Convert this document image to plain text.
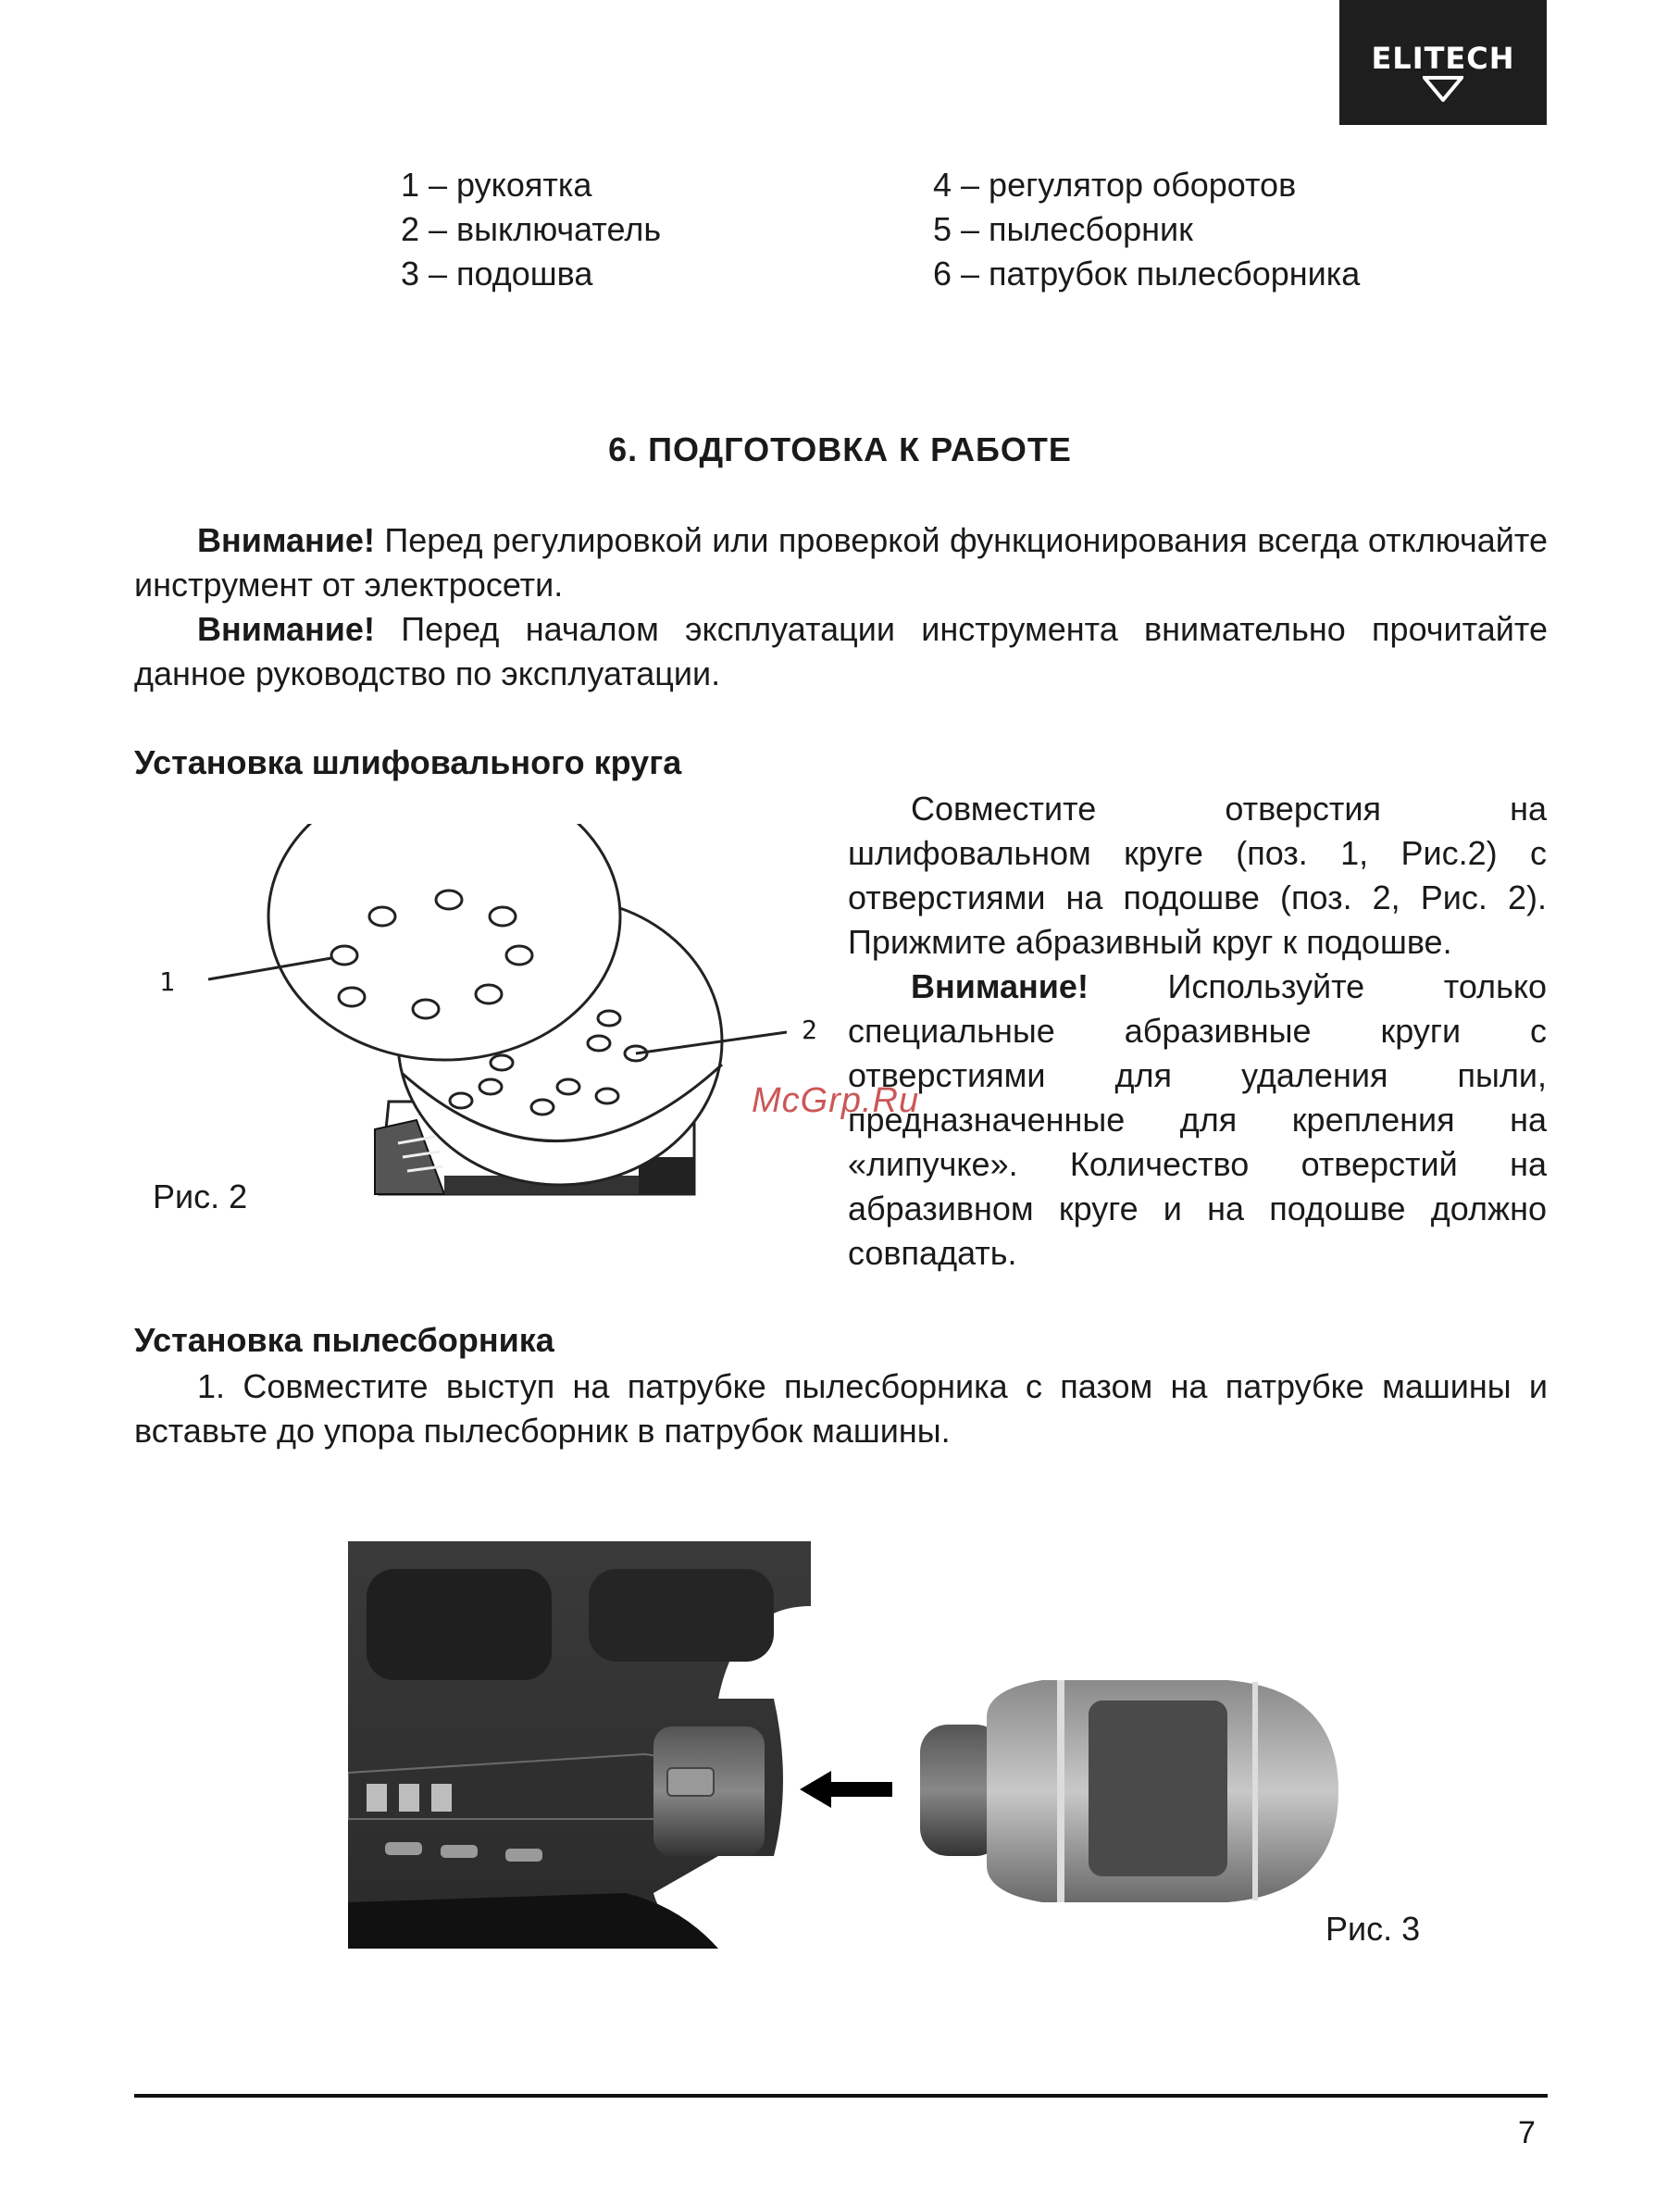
ELITECH
1 – рукоятка
2 – выключатель
3 – подошва
4 – регулятор оборотов
5 – пылесборник
6 – патрубок пылесборника
6. ПОДГОТОВКА К РАБОТЕ
Внимание! Перед регулировкой или проверкой функционирования всегда отключайте инструмент от электросети.
Внимание! Перед началом эксплуатации инструмента внимательно прочитайте данное руководство по эксплуатации.
Установка шлифовального круга
1
2
Рис. 2
Совместите отверстия на шлифовальном круге (поз. 1, Рис.2) с отверстиями на подошве (поз. 2, Рис. 2). Прижмите абразивный круг к подошве.
Внимание! Используйте только специальные абразивные круги с отверстиями для удаления пыли, предназначенные для крепления на «липучке». Количество отверстий на абразивном круге и на подошве должно совпадать.
McGrp.Ru
Установка пылесборника
1. Совместите выступ на патрубке пылесборника с пазом на патрубке машины и вставьте до упора пылесборник в патрубок машины.
Рис. 3
7
